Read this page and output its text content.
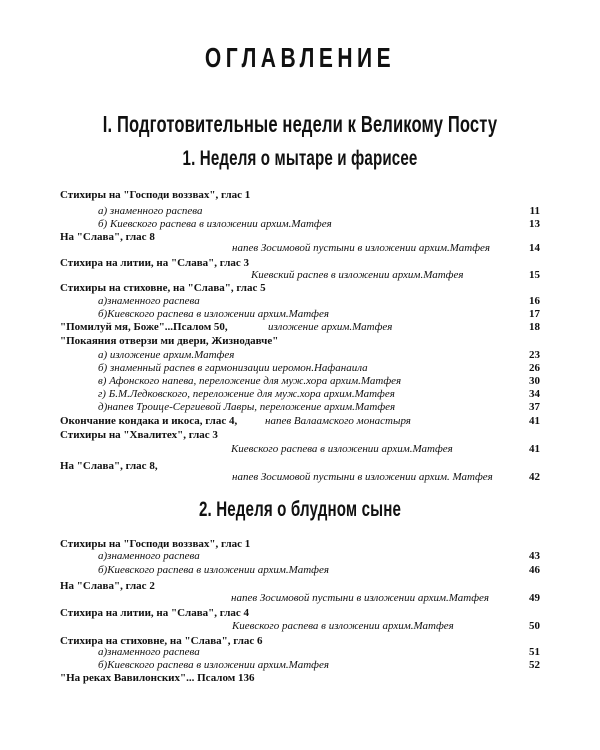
ОГЛАВЛЕНИЕ
I. Подготовительные недели к Великому Посту
1. Неделя о мытаре и фарисее
2. Неделя о блудном сыне
Стихиры на "Господи воззвах", глас 1
а) знаменного распева	11
б) Киевского распева в изложении архим.Матфея	13
На "Слава", глас 8
напев Зосимовой пустыни в изложении архим.Матфея	14
Стихира на литии, на "Слава", глас 3
Киевский распев в изложении архим.Матфея	15
Стихиры на стиховне, на "Слава", глас 5
а)знаменного распева	16
б)Киевского распева в изложении архим.Матфея	17
"Помилуй мя, Боже"...Псалом 50,	изложение архим.Матфея	18
"Покаяния отверзи ми двери, Жизнодавче"
а) изложение архим.Матфея	23
б) знаменный распев в гармонизации иеромон.Нафанаила	26
в) Афонского напева, переложение для муж.хора архим.Матфея	30
г) Б.М.Ледковского, переложение для муж.хора архим.Матфея	34
д)напев Троице-Сергиевой Лавры, переложение архим.Матфея	37
Окончание кондака и икоса, глас 4,	напев Валаамского монастыря	41
Стихиры на "Хвалитех", глас 3
Киевского распева в изложении архим.Матфея	41
На "Слава", глас 8,
напев Зосимовой пустыни в изложении архим. Матфея	42
Стихиры на "Господи воззвах", глас 1
а)знаменного распева	43
б)Киевского распева в изложении архим.Матфея	46
На "Слава", глас 2
напев Зосимовой пустыни в изложении архим.Матфея	49
Стихира на литии, на "Слава", глас 4
Киевского распева в изложении архим.Матфея	50
Стихира на стиховне, на "Слава", глас 6
а)знаменного распева	51
б)Киевского распева в изложении архим.Матфея	52
"На реках Вавилонских"... Псалом 136
